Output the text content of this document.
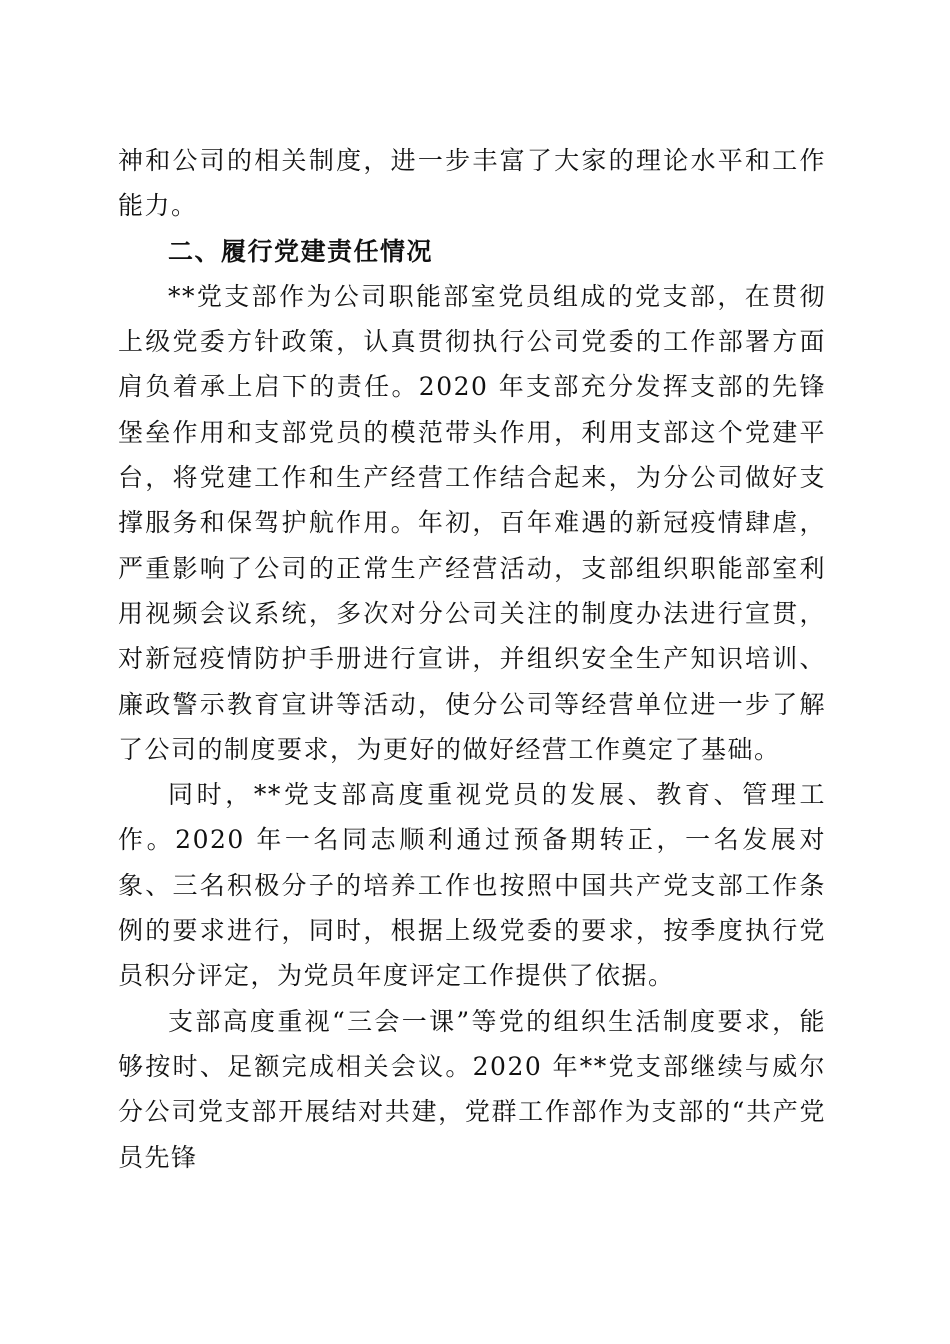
神和公司的相关制度，进一步丰富了大家的理论水平和工作能力。

二、履行党建责任情况

**党支部作为公司职能部室党员组成的党支部，在贯彻上级党委方针政策，认真贯彻执行公司党委的工作部署方面肩负着承上启下的责任。2020 年支部充分发挥支部的先锋堡垒作用和支部党员的模范带头作用，利用支部这个党建平台，将党建工作和生产经营工作结合起来，为分公司做好支撑服务和保驾护航作用。年初，百年难遇的新冠疫情肆虐，严重影响了公司的正常生产经营活动，支部组织职能部室利用视频会议系统，多次对分公司关注的制度办法进行宣贯，对新冠疫情防护手册进行宣讲，并组织安全生产知识培训、廉政警示教育宣讲等活动，使分公司等经营单位进一步了解了公司的制度要求，为更好的做好经营工作奠定了基础。

同时，**党支部高度重视党员的发展、教育、管理工作。2020 年一名同志顺利通过预备期转正，一名发展对象、三名积极分子的培养工作也按照中国共产党支部工作条例的要求进行，同时，根据上级党委的要求，按季度执行党员积分评定，为党员年度评定工作提供了依据。

支部高度重视“三会一课”等党的组织生活制度要求，能够按时、足额完成相关会议。2020 年**党支部继续与威尔分公司党支部开展结对共建，党群工作部作为支部的“共产党员先锋
